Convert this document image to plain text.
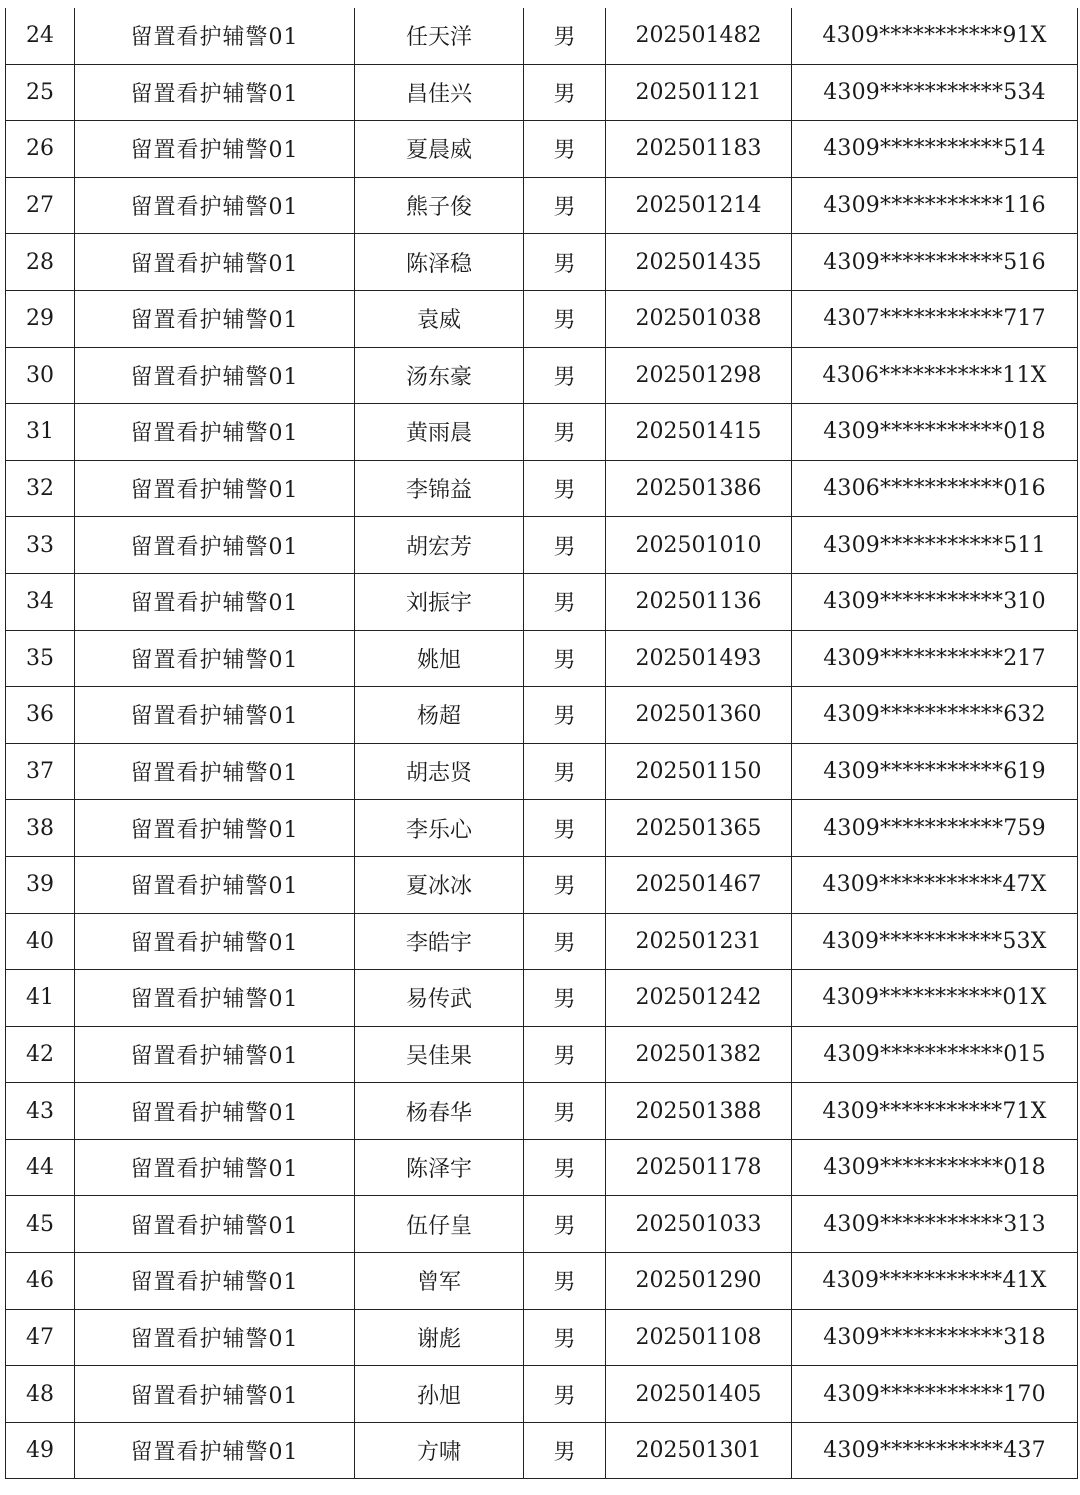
24	留置看护辅警01	任天洋	男	202501482	4309***********91X
25	留置看护辅警01	昌佳兴	男	202501121	4309***********534
26	留置看护辅警01	夏晨威	男	202501183	4309***********514
27	留置看护辅警01	熊子俊	男	202501214	4309***********116
28	留置看护辅警01	陈泽稳	男	202501435	4309***********516
29	留置看护辅警01	袁威	男	202501038	4307***********717
30	留置看护辅警01	汤东豪	男	202501298	4306***********11X
31	留置看护辅警01	黄雨晨	男	202501415	4309***********018
32	留置看护辅警01	李锦益	男	202501386	4306***********016
33	留置看护辅警01	胡宏芳	男	202501010	4309***********511
34	留置看护辅警01	刘振宇	男	202501136	4309***********310
35	留置看护辅警01	姚旭	男	202501493	4309***********217
36	留置看护辅警01	杨超	男	202501360	4309***********632
37	留置看护辅警01	胡志贤	男	202501150	4309***********619
38	留置看护辅警01	李乐心	男	202501365	4309***********759
39	留置看护辅警01	夏冰冰	男	202501467	4309***********47X
40	留置看护辅警01	李皓宇	男	202501231	4309***********53X
41	留置看护辅警01	易传武	男	202501242	4309***********01X
42	留置看护辅警01	吴佳果	男	202501382	4309***********015
43	留置看护辅警01	杨春华	男	202501388	4309***********71X
44	留置看护辅警01	陈泽宇	男	202501178	4309***********018
45	留置看护辅警01	伍仔皇	男	202501033	4309***********313
46	留置看护辅警01	曾军	男	202501290	4309***********41X
47	留置看护辅警01	谢彪	男	202501108	4309***********318
48	留置看护辅警01	孙旭	男	202501405	4309***********170
49	留置看护辅警01	方啸	男	202501301	4309***********437
